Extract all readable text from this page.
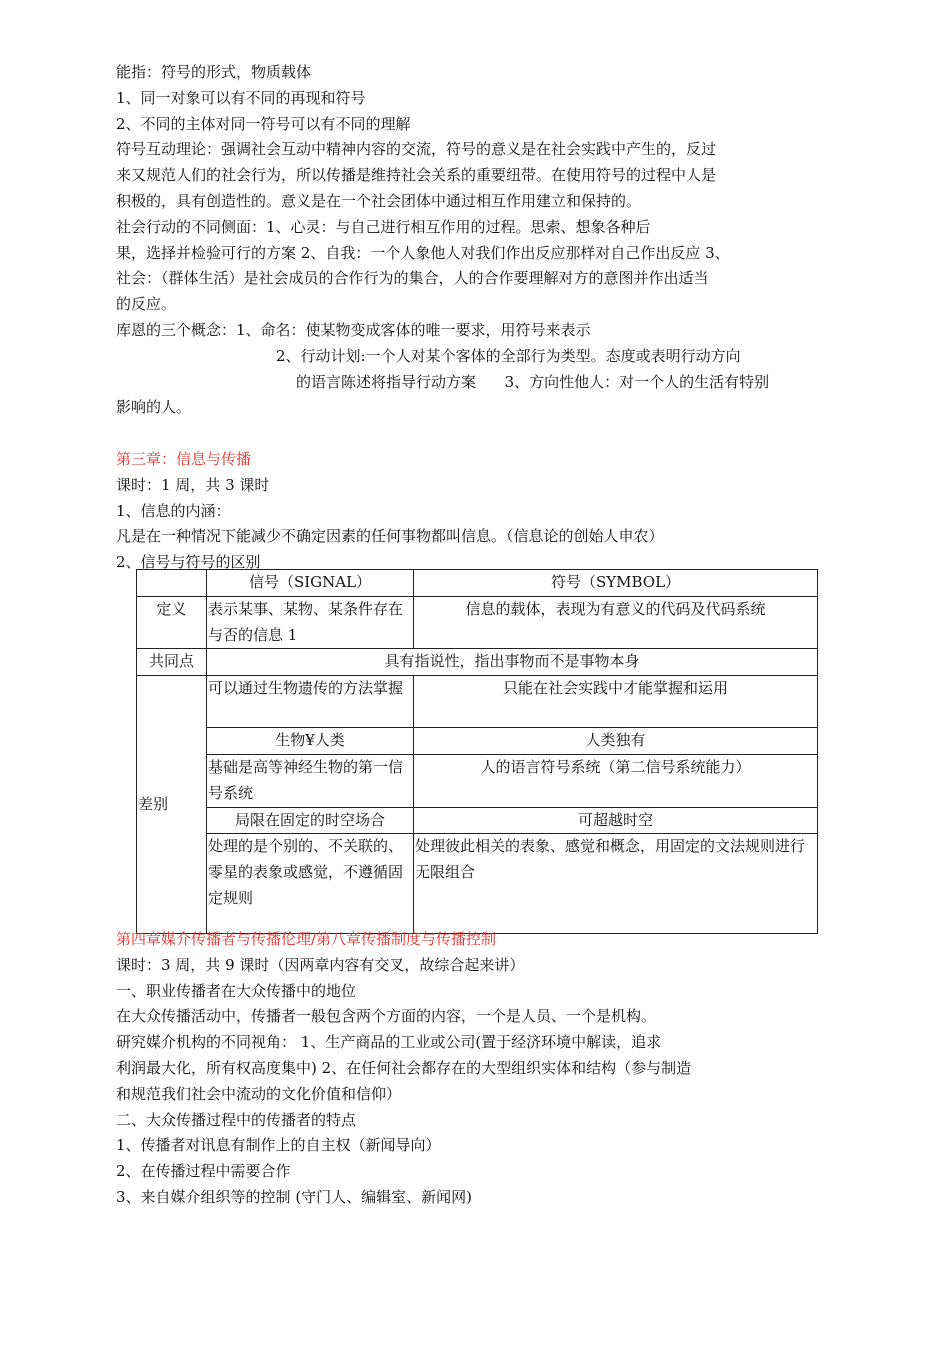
能指：符号的形式，物质载体
1、同一对象可以有不同的再现和符号
2、不同的主体对同一符号可以有不同的理解
符号互动理论：强调社会互动中精神内容的交流，符号的意义是在社会实践中产生的，反过
来又规范人们的社会行为，所以传播是维持社会关系的重要纽带。在使用符号的过程中人是
积极的，具有创造性的。意义是在一个社会团体中通过相互作用建立和保持的。
社会行动的不同侧面：1、心灵：与自己进行相互作用的过程。思索、想象各种后
果，选择并检验可行的方案 2、自我：一个人象他人对我们作出反应那样对自己作出反应 3、
社会：（群体生活）是社会成员的合作行为的集合，人的合作要理解对方的意图并作出适当
的反应。
库恩的三个概念：1、命名：使某物变成客体的唯一要求，用符号来表示
2、行动计划:一个人对某个客体的全部行为类型。态度或表明行动方向
的语言陈述将指导行动方案      3、方向性他人：对一个人的生活有特别
影响的人。
第三章：信息与传播
课时：1 周，共 3 课时
1、信息的内涵：
凡是在一种情况下能减少不确定因素的任何事物都叫信息。（信息论的创始人申农）
2、信号与符号的区别
	信号（SIGNAL）	符号（SYMBOL）
定义	表示某事、某物、某条件存在与否的信息 1	信息的载体，表现为有意义的代码及代码系统
共同点	具有指说性，指出事物而不是事物本身	
差别	可以通过生物遗传的方法掌握	只能在社会实践中才能掌握和运用
	生物¥人类	人类独有
	基础是高等神经生物的第一信号系统	人的语言符号系统（第二信号系统能力）
	局限在固定的时空场合	可超越时空
	处理的是个别的、不关联的、零星的表象或感觉，不遵循固定规则	处理彼此相关的表象、感觉和概念，用固定的文法规则进行无限组合
第四章媒介传播者与传播伦理/第八章传播制度与传播控制
课时：3 周，共 9 课时（因两章内容有交叉，故综合起来讲）
一、职业传播者在大众传播中的地位
在大众传播活动中，传播者一般包含两个方面的内容，一个是人员、一个是机构。
研究媒介机构的不同视角： 1、生产商品的工业或公司(置于经济环境中解读，追求
利润最大化，所有权高度集中) 2、在任何社会都存在的大型组织实体和结构（参与制造
和规范我们社会中流动的文化价值和信仰）
二、大众传播过程中的传播者的特点
1、传播者对讯息有制作上的自主权（新闻导向）
2、在传播过程中需要合作
3、来自媒介组织等的控制 (守门人、编辑室、新闻网)
